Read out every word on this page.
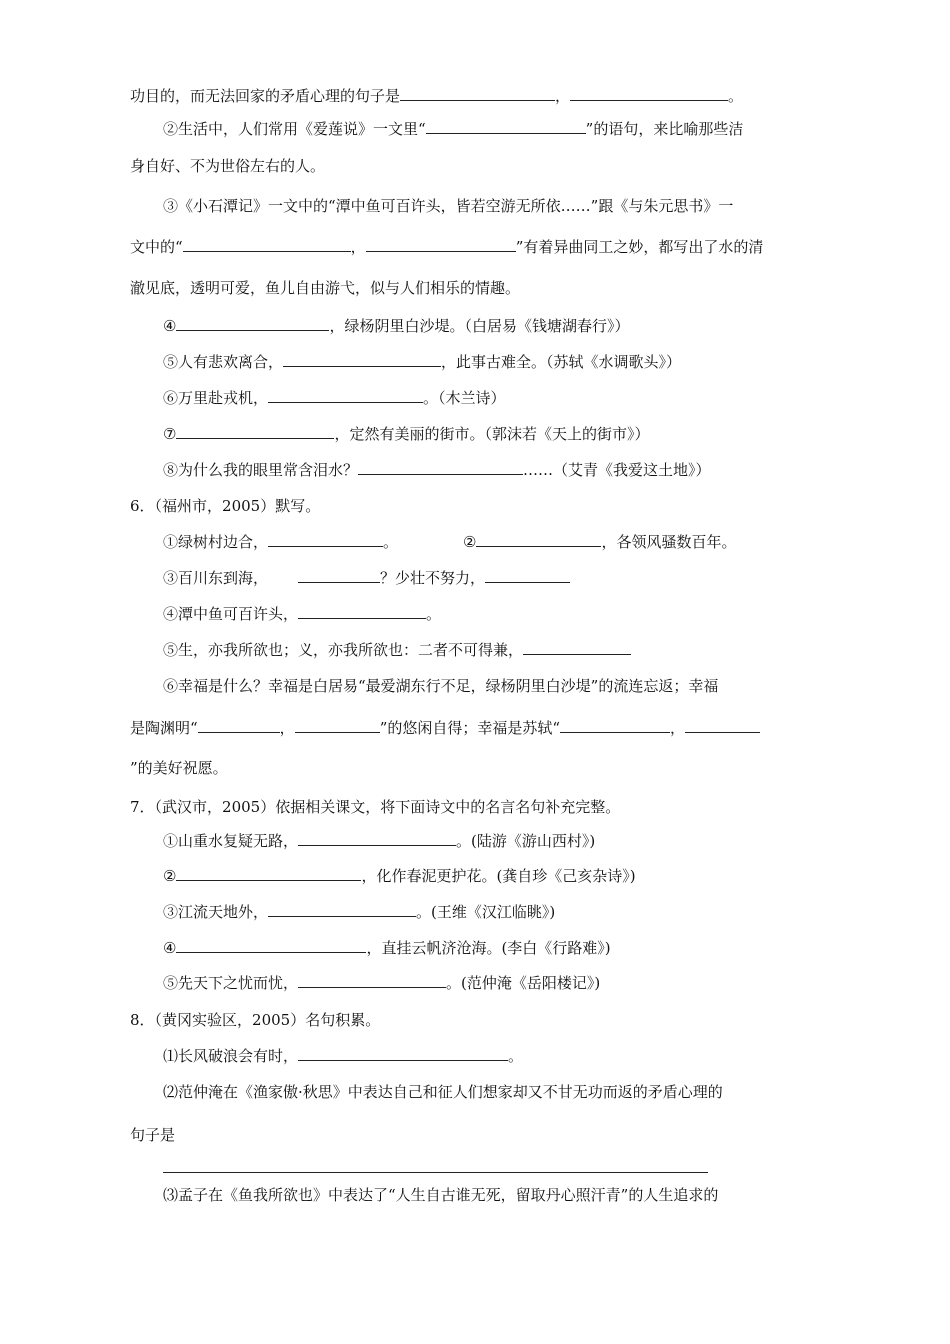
功目的，而无法回家的矛盾心理的句子是	，	。
②生活中，人们常用《爱莲说》一文里“	”的语句，来比喻那些洁
身自好、不为世俗左右的人。
③《小石潭记》一文中的“潭中鱼可百许头，皆若空游无所依……”跟《与朱元思书》一
文中的“	，	”有着异曲同工之妙，都写出了水的清
澈见底，透明可爱，鱼儿自由游弋，似与人们相乐的情趣。
④	，绿杨阴里白沙堤。（白居易《钱塘湖春行》）
⑤人有悲欢离合，	，此事古难全。（苏轼《水调歌头》）
⑥万里赴戎机，	。（木兰诗）
⑦	，定然有美丽的街市。（郭沫若《天上的街市》）
⑧为什么我的眼里常含泪水？	……（艾青《我爱这土地》）
6．（福州市，2005）默写。
①绿树村边合，	。	②	，各领风骚数百年。
③百川东到海，	？少壮不努力，
④潭中鱼可百许头，	。
⑤生，亦我所欲也；义，亦我所欲也：二者不可得兼，
⑥幸福是什么？幸福是白居易“最爱湖东行不足，绿杨阴里白沙堤”的流连忘返；幸福
是陶渊明“	，	”的悠闲自得；幸福是苏轼“	，
”的美好祝愿。
7．（武汉市，2005）依据相关课文，将下面诗文中的名言名句补充完整。
①山重水复疑无路，	。(陆游《游山西村》)
②	，化作春泥更护花。(龚自珍《己亥杂诗》)
③江流天地外，	。(王维《汉江临眺》)
④	，直挂云帆济沧海。(李白《行路难》)
⑤先天下之忧而忧，	。(范仲淹《岳阳楼记》)
8．（黄冈实验区，2005）名句积累。
⑴长风破浪会有时，	。
⑵范仲淹在《渔家傲·秋思》中表达自己和征人们想家却又不甘无功而返的矛盾心理的
句子是
⑶孟子在《鱼我所欲也》中表达了“人生自古谁无死，留取丹心照汗青”的人生追求的
